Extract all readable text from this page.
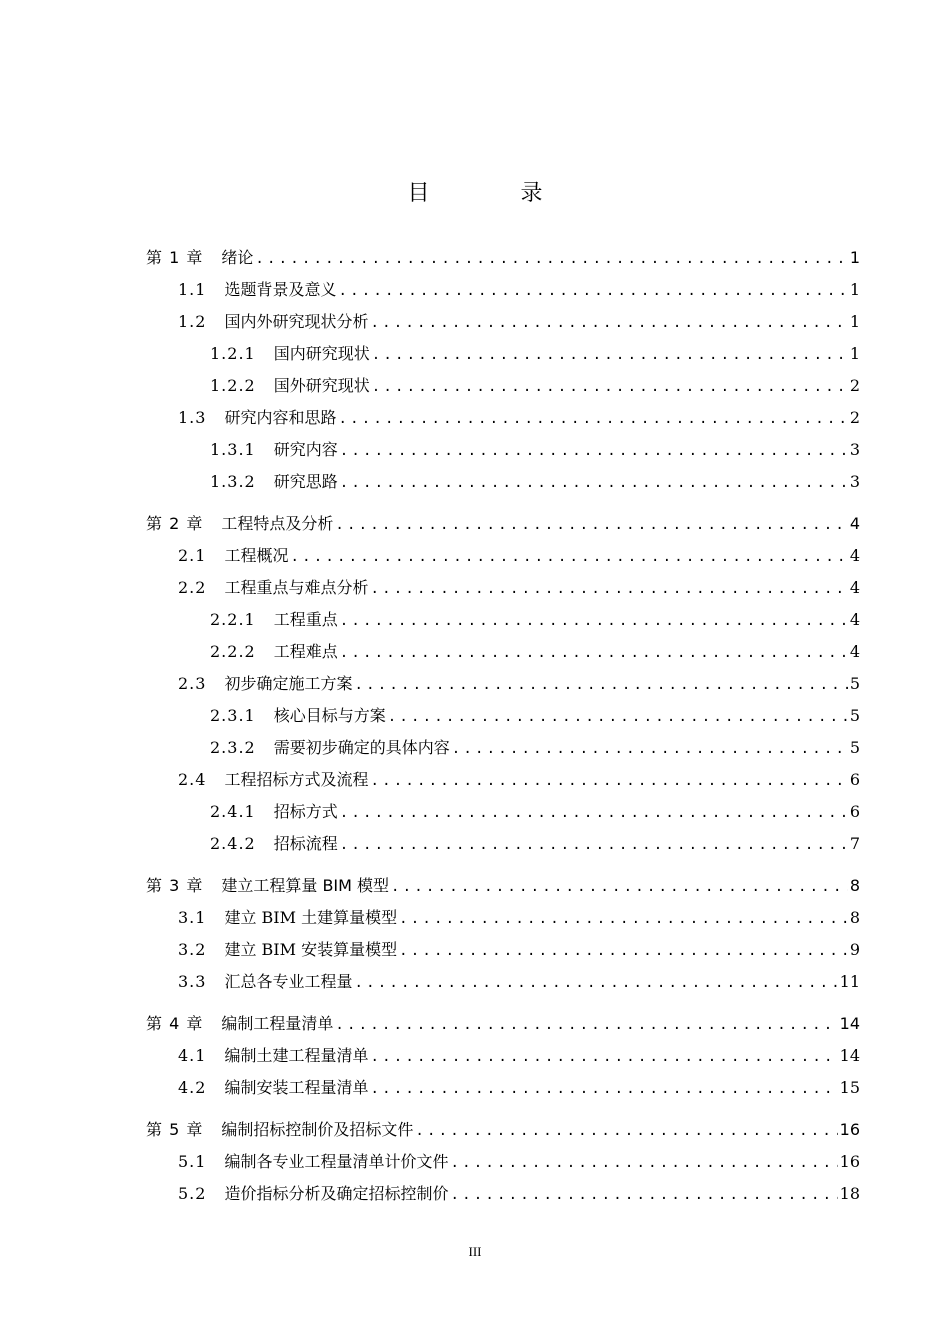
目 录
第 1 章 绪论 .....	1
1.1 选题背景及意义 .....	1
1.2 国内外研究现状分析 .....	1
1.2.1 国内研究现状 .....	1
1.2.2 国外研究现状 .....	2
1.3 研究内容和思路 .....	2
1.3.1 研究内容 .....	3
1.3.2 研究思路 .....	3
第 2 章 工程特点及分析 .....	4
2.1 工程概况 .....	4
2.2 工程重点与难点分析 .....	4
2.2.1 工程重点 .....	4
2.2.2 工程难点 .....	4
2.3 初步确定施工方案 .....	5
2.3.1 核心目标与方案 .....	5
2.3.2 需要初步确定的具体内容 .....	5
2.4 工程招标方式及流程 .....	6
2.4.1 招标方式 .....	6
2.4.2 招标流程 .....	7
第 3 章 建立工程算量 BIM 模型 .....	8
3.1 建立 BIM 土建算量模型 .....	8
3.2 建立 BIM 安装算量模型 .....	9
3.3 汇总各专业工程量 .....	11
第 4 章 编制工程量清单 .....	14
4.1 编制土建工程量清单 .....	14
4.2 编制安装工程量清单 .....	15
第 5 章 编制招标控制价及招标文件 .....	16
5.1 编制各专业工程量清单计价文件 .....	16
5.2 造价指标分析及确定招标控制价 .....	18
III
